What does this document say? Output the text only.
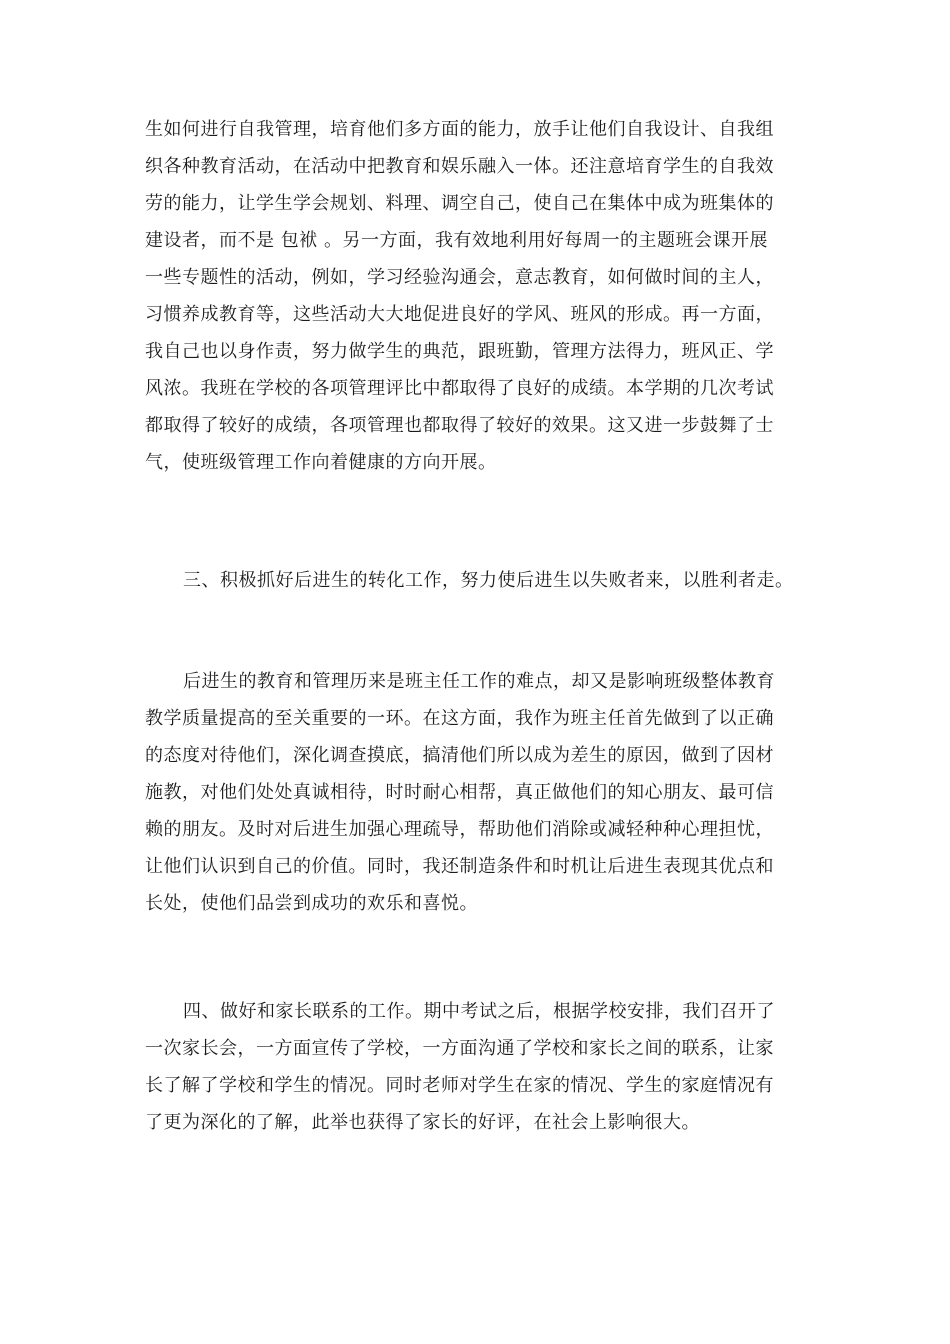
生如何进行自我管理，培育他们多方面的能力，放手让他们自我设计、自我组
织各种教育活动，在活动中把教育和娱乐融入一体。还注意培育学生的自我效
劳的能力，让学生学会规划、料理、调空自己，使自己在集体中成为班集体的
建设者，而不是 包袱 。另一方面，我有效地利用好每周一的主题班会课开展
一些专题性的活动，例如，学习经验沟通会，意志教育，如何做时间的主人，
习惯养成教育等，这些活动大大地促进良好的学风、班风的形成。再一方面，
我自己也以身作责，努力做学生的典范，跟班勤，管理方法得力，班风正、学
风浓。我班在学校的各项管理评比中都取得了良好的成绩。本学期的几次考试
都取得了较好的成绩，各项管理也都取得了较好的效果。这又进一步鼓舞了士
气，使班级管理工作向着健康的方向开展。
三、积极抓好后进生的转化工作，努力使后进生以失败者来，以胜利者走。
后进生的教育和管理历来是班主任工作的难点，却又是影响班级整体教育
教学质量提高的至关重要的一环。在这方面，我作为班主任首先做到了以正确
的态度对待他们，深化调查摸底，搞清他们所以成为差生的原因，做到了因材
施教，对他们处处真诚相待，时时耐心相帮，真正做他们的知心朋友、最可信
赖的朋友。及时对后进生加强心理疏导，帮助他们消除或减轻种种心理担忧，
让他们认识到自己的价值。同时，我还制造条件和时机让后进生表现其优点和
长处，使他们品尝到成功的欢乐和喜悦。
四、做好和家长联系的工作。期中考试之后，根据学校安排，我们召开了
一次家长会，一方面宣传了学校，一方面沟通了学校和家长之间的联系，让家
长了解了学校和学生的情况。同时老师对学生在家的情况、学生的家庭情况有
了更为深化的了解，此举也获得了家长的好评，在社会上影响很大。
